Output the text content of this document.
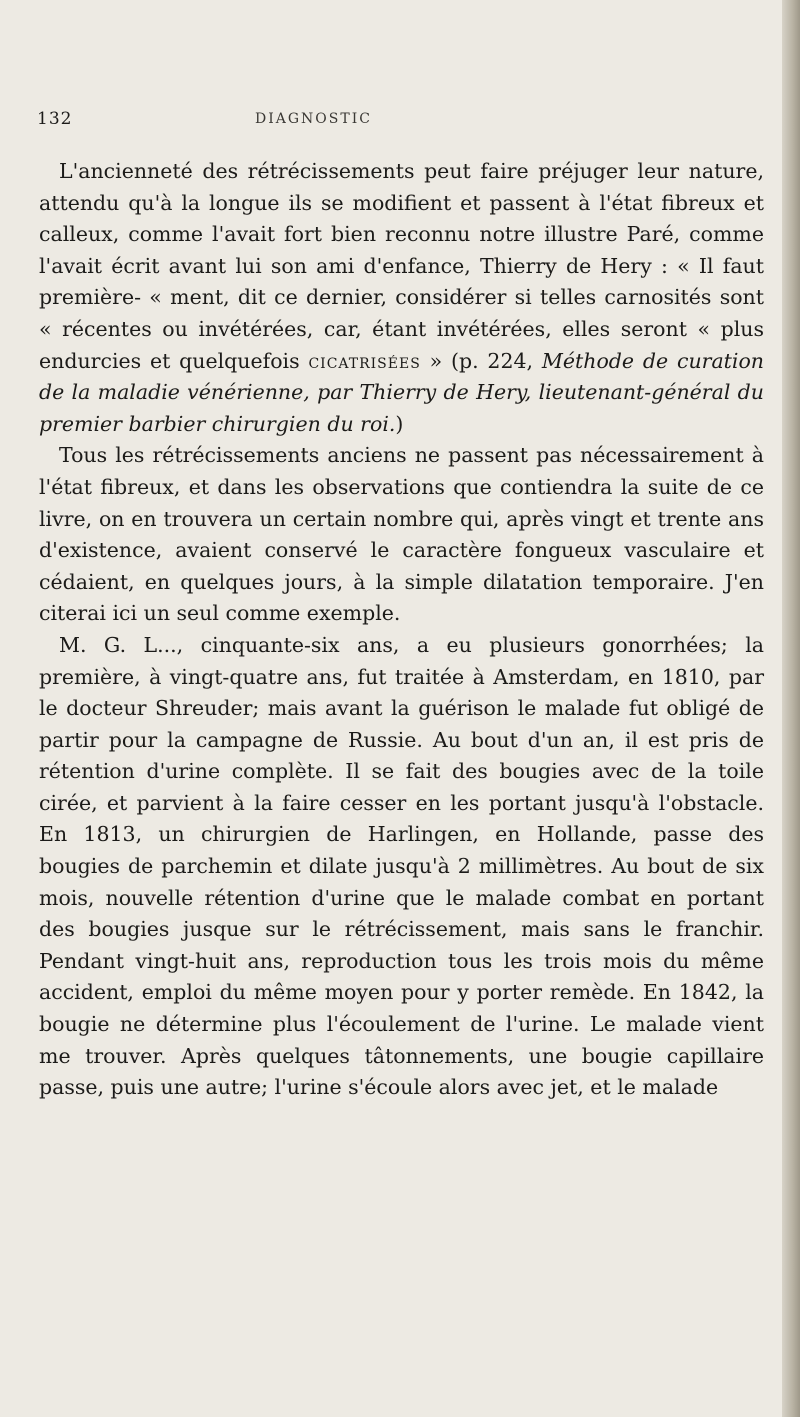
132	DIAGNOSTIC

L'ancienneté des rétrécissements peut faire préjuger leur nature, attendu qu'à la longue ils se modifient et passent à l'état fibreux et calleux, comme l'avait fort bien reconnu notre illustre Paré, comme l'avait écrit avant lui son ami d'enfance, Thierry de Hery : « Il faut première- « ment, dit ce dernier, considérer si telles carnosités sont « récentes ou invétérées, car, étant invétérées, elles seront « plus endurcies et quelquefois cicatrisées » (p. 224, Méthode de curation de la maladie vénérienne, par Thierry de Hery, lieutenant-général du premier barbier chirurgien du roi.)

Tous les rétrécissements anciens ne passent pas nécessairement à l'état fibreux, et dans les observations que contiendra la suite de ce livre, on en trouvera un certain nombre qui, après vingt et trente ans d'existence, avaient conservé le caractère fongueux vasculaire et cédaient, en quelques jours, à la simple dilatation temporaire. J'en citerai ici un seul comme exemple.

M. G. L..., cinquante-six ans, a eu plusieurs gonorrhées; la première, à vingt-quatre ans, fut traitée à Amsterdam, en 1810, par le docteur Shreuder; mais avant la guérison le malade fut obligé de partir pour la campagne de Russie. Au bout d'un an, il est pris de rétention d'urine complète. Il se fait des bougies avec de la toile cirée, et parvient à la faire cesser en les portant jusqu'à l'obstacle. En 1813, un chirurgien de Harlingen, en Hollande, passe des bougies de parchemin et dilate jusqu'à 2 millimètres. Au bout de six mois, nouvelle rétention d'urine que le malade combat en portant des bougies jusque sur le rétrécissement, mais sans le franchir. Pendant vingt-huit ans, reproduction tous les trois mois du même accident, emploi du même moyen pour y porter remède. En 1842, la bougie ne détermine plus l'écoulement de l'urine. Le malade vient me trouver. Après quelques tâtonnements, une bougie capillaire passe, puis une autre; l'urine s'écoule alors avec jet, et le malade
